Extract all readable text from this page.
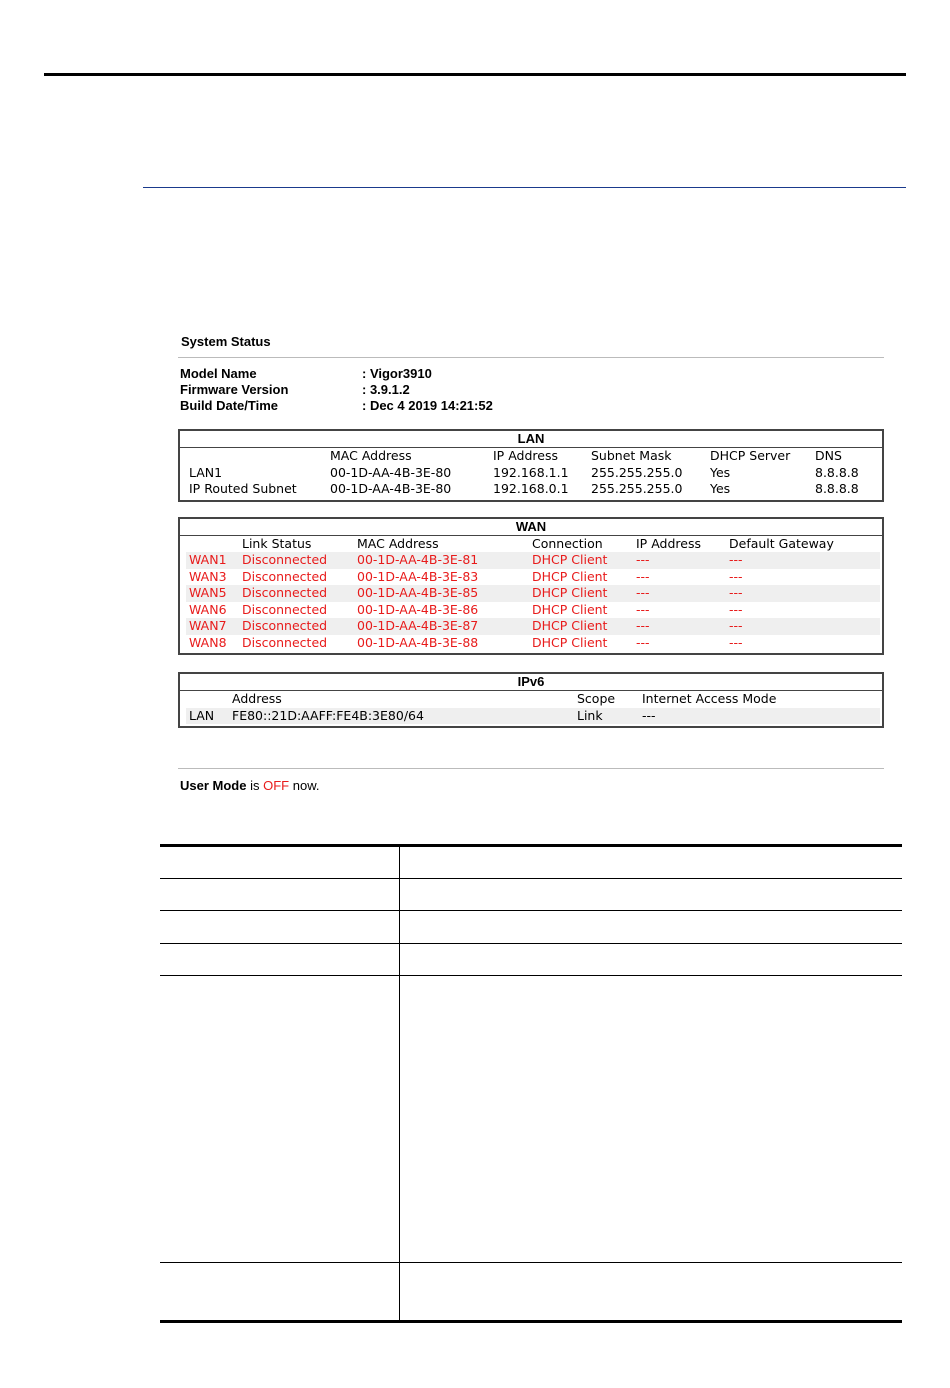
System Status
Model Name	: Vigor3910
Firmware Version	: 3.9.1.2
Build Date/Time	: Dec 4 2019 14:21:52
LAN
	MAC Address	IP Address	Subnet Mask	DHCP Server	DNS
LAN1	00-1D-AA-4B-3E-80	192.168.1.1	255.255.255.0	Yes	8.8.8.8
IP Routed Subnet	00-1D-AA-4B-3E-80	192.168.0.1	255.255.255.0	Yes	8.8.8.8
WAN
	Link Status	MAC Address	Connection	IP Address	Default Gateway
WAN1	Disconnected	00-1D-AA-4B-3E-81	DHCP Client	---	---
WAN3	Disconnected	00-1D-AA-4B-3E-83	DHCP Client	---	---
WAN5	Disconnected	00-1D-AA-4B-3E-85	DHCP Client	---	---
WAN6	Disconnected	00-1D-AA-4B-3E-86	DHCP Client	---	---
WAN7	Disconnected	00-1D-AA-4B-3E-87	DHCP Client	---	---
WAN8	Disconnected	00-1D-AA-4B-3E-88	DHCP Client	---	---
IPv6
	Address	Scope	Internet Access Mode
LAN	FE80::21D:AAFF:FE4B:3E80/64	Link	---
User Mode is OFF now.
